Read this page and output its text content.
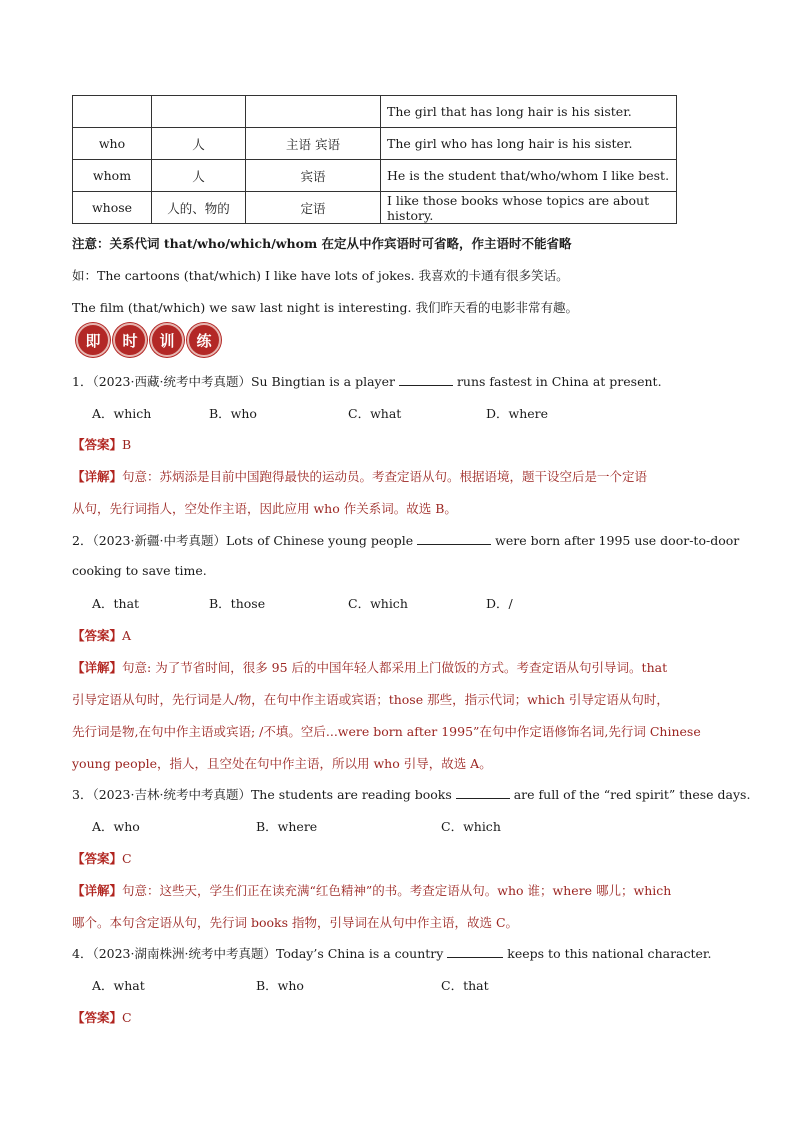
			The girl that has long hair is his sister.
who	人	主语 宾语	The girl who has long hair is his sister.
whom	人	宾语	He is the student that/who/whom I like best.
whose	人的、物的	定语	I like those books whose topics are about history.
注意：关系代词 that/who/which/whom 在定从中作宾语时可省略，作主语时不能省略
如：The cartoons (that/which) I like have lots of jokes. 我喜欢的卡通有很多笑话。
The film (that/which) we saw last night is interesting. 我们昨天看的电影非常有趣。
即	时	训	练
1．（2023·西藏·统考中考真题）Su Bingtian is a player	runs fastest in China at present.
A．which	B．who	C．what	D．where
【答案】B
【详解】句意：苏炳添是目前中国跑得最快的运动员。考查定语从句。根据语境，题干设空后是一个定语
从句，先行词指人，空处作主语，因此应用 who 作关系词。故选 B。
2．（2023·新疆·中考真题）Lots of Chinese young people	were born after 1995 use door-to-door
cooking to save time.
A．that	B．those	C．which	D．/
【答案】A
【详解】句意: 为了节省时间，很多 95 后的中国年轻人都采用上门做饭的方式。考查定语从句引导词。that
引导定语从句时，先行词是人/物，在句中作主语或宾语；those 那些，指示代词；which 引导定语从句时，
先行词是物,在句中作主语或宾语; /不填。空后...were born after 1995”在句中作定语修饰名词,先行词 Chinese
young people，指人，且空处在句中作主语，所以用 who 引导，故选 A。
3．（2023·吉林·统考中考真题）The students are reading books	are full of the “red spirit” these days.
A．who	B．where	C．which
【答案】C
【详解】句意：这些天，学生们正在读充满“红色精神”的书。考查定语从句。who 谁；where 哪儿；which
哪个。本句含定语从句，先行词 books 指物，引导词在从句中作主语，故选 C。
4．（2023·湖南株洲·统考中考真题）Today’s China is a country	keeps to this national character.
A．what	B．who	C．that
【答案】C
